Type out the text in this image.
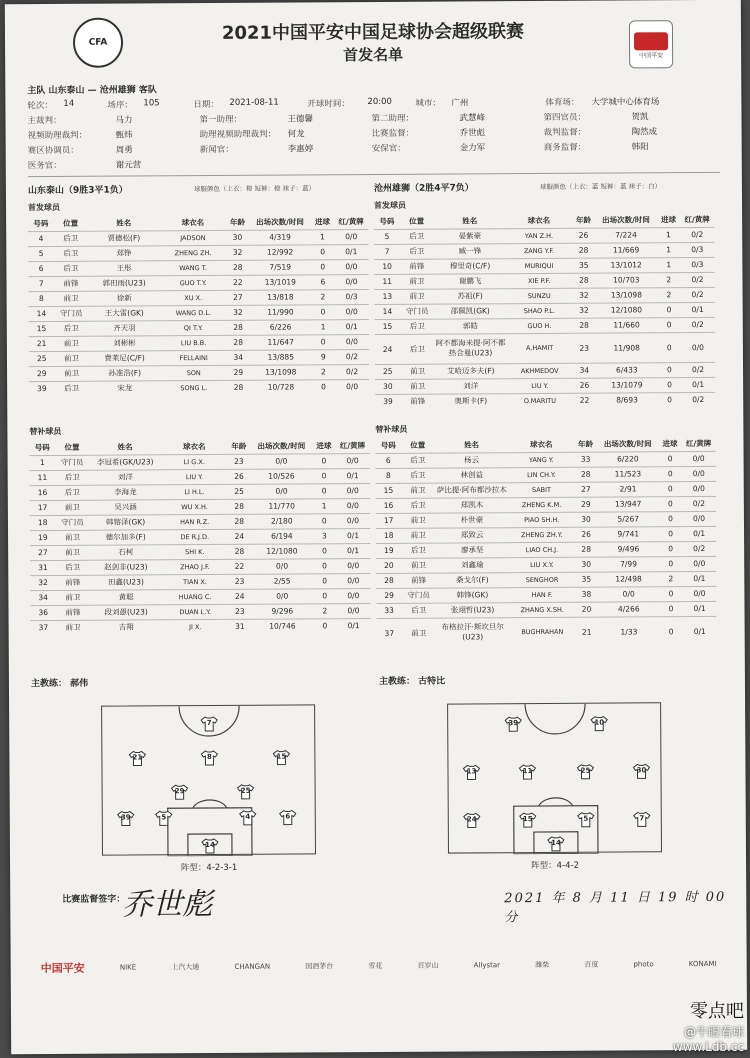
CFA
中国平安
2021中国平安中国足球协会超级联赛
首发名单
主队 山东泰山 — 沧州雄狮 客队
轮次：	14	场序：	105	日期：	2021-08-11	开球时间：	20:00	城市：	广州	体育场：	大学城中心体育场
主裁判：	马力	第一助理：	王德馨	第二助理：	武慧峰	第四官员：	贺凯
视频助理裁判：	甄炜	助理视频助理裁判：	何龙	比赛监督：	乔世彪	裁判监督：	陶然成
赛区协调员：	周勇	新闻官：	李惠婷	安保官：	金力军	商务监督：	韩阳
医务官：	谢元营
山东泰山（9胜3平1负）	球服颜色（上衣：橙 短裤：橙 袜子：蓝）
首发球员
沧州雄狮（2胜4平7负）	球服颜色（上衣：蓝 短裤：蓝 袜子：白）
首发球员
号码	位置	姓名	球衣名	年龄	出场次数/时间	进球	红/黄牌
4	后卫	贾德松(F)	JADSON	30	4/319	1	0/0
5	后卫	郑铮	ZHENG ZH.	32	12/992	0	0/1
6	后卫	王彤	WANG T.	28	7/519	0	0/0
7	前锋	郭田雨(U23)	GUO T.Y.	22	13/1019	6	0/0
8	前卫	徐新	XU X.	27	13/818	2	0/3
14	守门员	王大雷(GK)	WANG D.L.	32	11/990	0	0/0
15	后卫	齐天羽	QI T.Y.	28	6/226	1	0/1
21	前卫	刘彬彬	LIU B.B.	28	11/647	0	0/0
25	前卫	费莱尼(C/F)	FELLAINI	34	13/885	9	0/2
29	前卫	孙准浩(F)	SON	29	13/1098	2	0/2
39	后卫	宋龙	SONG L.	28	10/728	0	0/0
号码	位置	姓名	球衣名	年龄	出场次数/时间	进球	红/黄牌
5	后卫	晏紫豪	YAN Z.H.	26	7/224	1	0/2
7	后卫	臧一锋	ZANG Y.F.	28	11/669	1	0/3
10	前锋	穆里奇(C/F)	MURIQUI	35	13/1012	1	0/3
11	前卫	谢鹏飞	XIE P.F.	28	10/703	2	0/2
13	前卫	苏祖(F)	SUNZU	32	13/1098	2	0/2
14	守门员	邵佩凯(GK)	SHAO P.L.	32	12/1080	0	0/1
15	后卫	郭皓	GUO H.	28	11/660	0	0/2
24	后卫	阿不都海米提·阿不都热合曼(U23)	A.HAMIT	23	11/908	0	0/0
25	前卫	艾哈迈多夫(F)	AKHMEDOV	34	6/433	0	0/2
30	前卫	刘洋	LIU Y.	26	13/1079	0	0/1
39	前锋	奥斯卡(F)	O.MARITU	22	8/693	0	0/2
替补球员	替补球员
号码	位置	姓名	球衣名	年龄	出场次数/时间	进球	红/黄牌
1	守门员	李冠希(GK/U23)	LI G.X.	23	0/0	0	0/0
11	后卫	刘洋	LIU Y.	26	10/526	0	0/1
16	后卫	李海龙	LI H.L.	25	0/0	0	0/0
17	前卫	吴兴涵	WU X.H.	28	11/770	1	0/0
18	守门员	韩镕泽(GK)	HAN R.Z.	28	2/180	0	0/0
19	前卫	德尔加多(F)	DE R.J.D.	24	6/194	3	0/1
27	前卫	石柯	SHI K.	28	12/1080	0	0/1
31	后卫	赵剑非(U23)	ZHAO J.F.	22	0/0	0	0/0
32	前锋	田鑫(U23)	TIAN X.	23	2/55	0	0/0
34	前卫	黄聪	HUANG C.	24	0/0	0	0/0
36	前锋	段刘愚(U23)	DUAN L.Y.	23	9/296	2	0/0
37	前卫	吉翔	JI X.	31	10/746	0	0/1
号码	位置	姓名	球衣名	年龄	出场次数/时间	进球	红/黄牌
6	后卫	杨云	YANG Y.	33	6/220	0	0/0
8	后卫	林创益	LIN CH.Y.	28	11/523	0	0/0
15	前卫	萨比提·阿布都沙拉木	SABIT	27	2/91	0	0/0
16	后卫	郑凯木	ZHENG K.M.	29	13/947	0	0/2
17	前卫	朴世豪	PIAO SH.H.	30	5/267	0	0/0
18	前卫	郑致云	ZHENG ZH.Y.	26	9/741	0	0/1
19	后卫	廖承坚	LIAO CH.J.	28	9/496	0	0/2
20	前卫	刘鑫瑜	LIU X.Y.	30	7/99	0	0/0
28	前锋	桑戈尔(F)	SENGHOR	35	12/498	2	0/1
29	守门员	韩锋(GK)	HAN F.	38	0/0	0	0/0
33	后卫	张翊哲(U23)	ZHANG X.SH.	20	4/266	0	0/1
37	前卫	布格拉汗·斯坎旦尔(U23)	BUGHRAHAN	21	1/33	0	0/1
主教练： 郝伟	主教练： 古特比
7
21	8	15
29	25
39	5	4	6
14
阵型：4-2-3-1
39	10
13	11	25	30
24	15	5	7
14
阵型：4-4-2
比赛监督签字：
乔世彪	2021 年 8 月 11 日 19 时 00 分
中国平安	NIKE	上汽大通	CHANGAN	国酒茅台	雪花	百岁山	Allystar	潍柴	百度	photo	KONAMI
零点吧
@牛眼看球
www.Ldb.cc
